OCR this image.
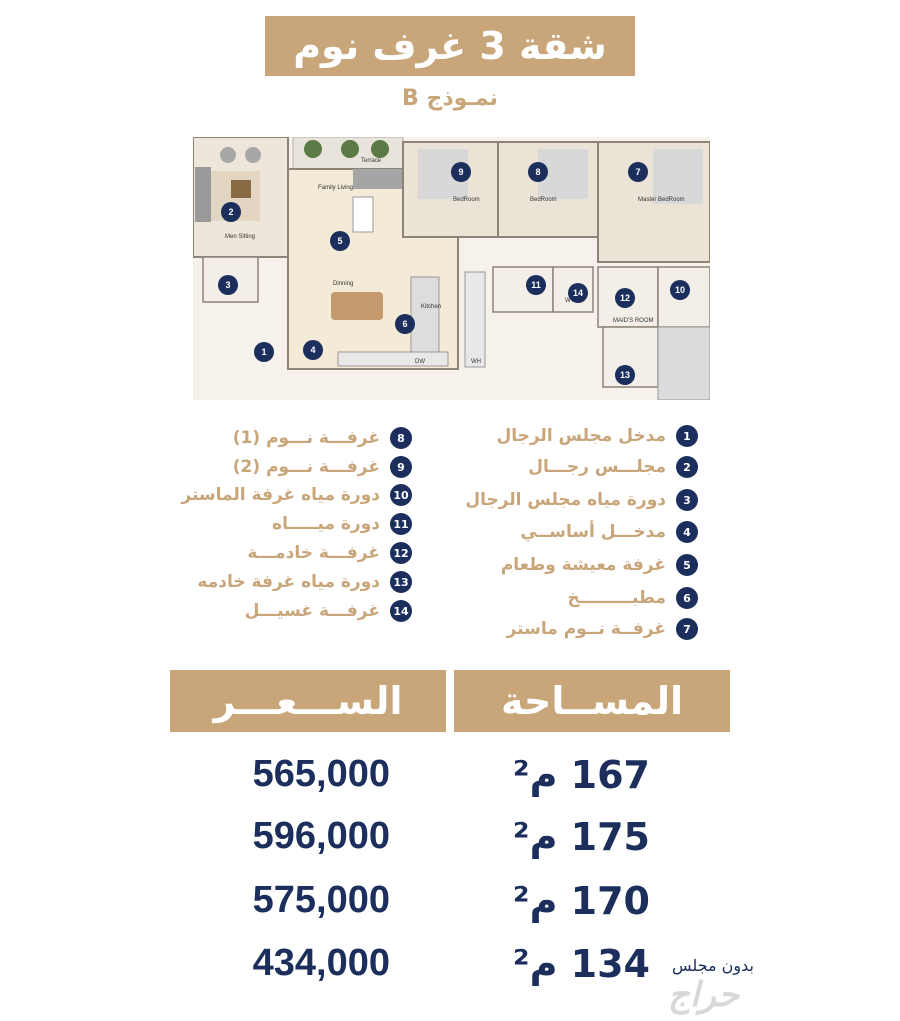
شقة 3 غرف نوم
نمـوذج B
Terrace
Family Living
Men Sitting
Dinning
Kitchen
BedRoom	BedRoom	Master BedRoom
MAID'S ROOM
DW	WH
W
1
2
3
4
5
6
7
8
9
10
11
12
13
14
1
مدخل مجلس الرجال
2
مجلـــس رجـــال
3
دورة مياه مجلس الرجال
4
مدخـــل أساســي
5
غرفة معيشة وطعام
6
مطبـــــــــخ
7
غرفــة نــوم ماستر
8
غرفـــة نـــوم (1)
9
غرفـــة نـــوم (2)
10
دورة مياه غرفة الماستر
11
دورة ميـــــاه
12
غرفـــة خادمـــة
13
دورة مياه غرفة خادمه
14
غرفـــة غسيـــل
الســـعـــر	المســاحة
565,000	167 م²
596,000	175 م²
575,000	170 م²
434,000	134 م² بدون مجلس
حراج
